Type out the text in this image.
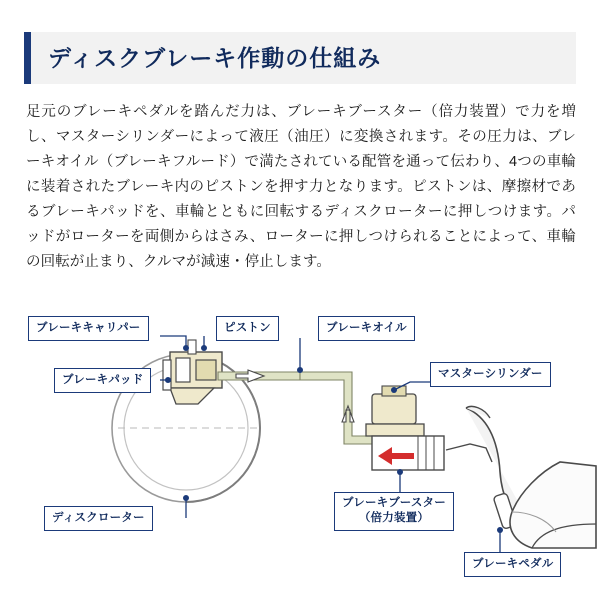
ディスクブレーキ作動の仕組み
足元のブレーキペダルを踏んだ力は、ブレーキブースター（倍力装置）で力を増し、マスターシリンダーによって液圧（油圧）に変換されます。その圧力は、ブレーキオイル（ブレーキフルード）で満たされている配管を通って伝わり、4つの車輪に装着されたブレーキ内のピストンを押す力となります。ピストンは、摩擦材であるブレーキパッドを、車輪とともに回転するディスクローターに押しつけます。パッドがローターを両側からはさみ、ローターに押しつけられることによって、車輪の回転が止まり、クルマが減速・停止します。
ブレーキキャリパー	ピストン	ブレーキオイル
マスターシリンダー
ブレーキパッド
ブレーキブースター
（倍力装置）
ディスクローター
ブレーキペダル
